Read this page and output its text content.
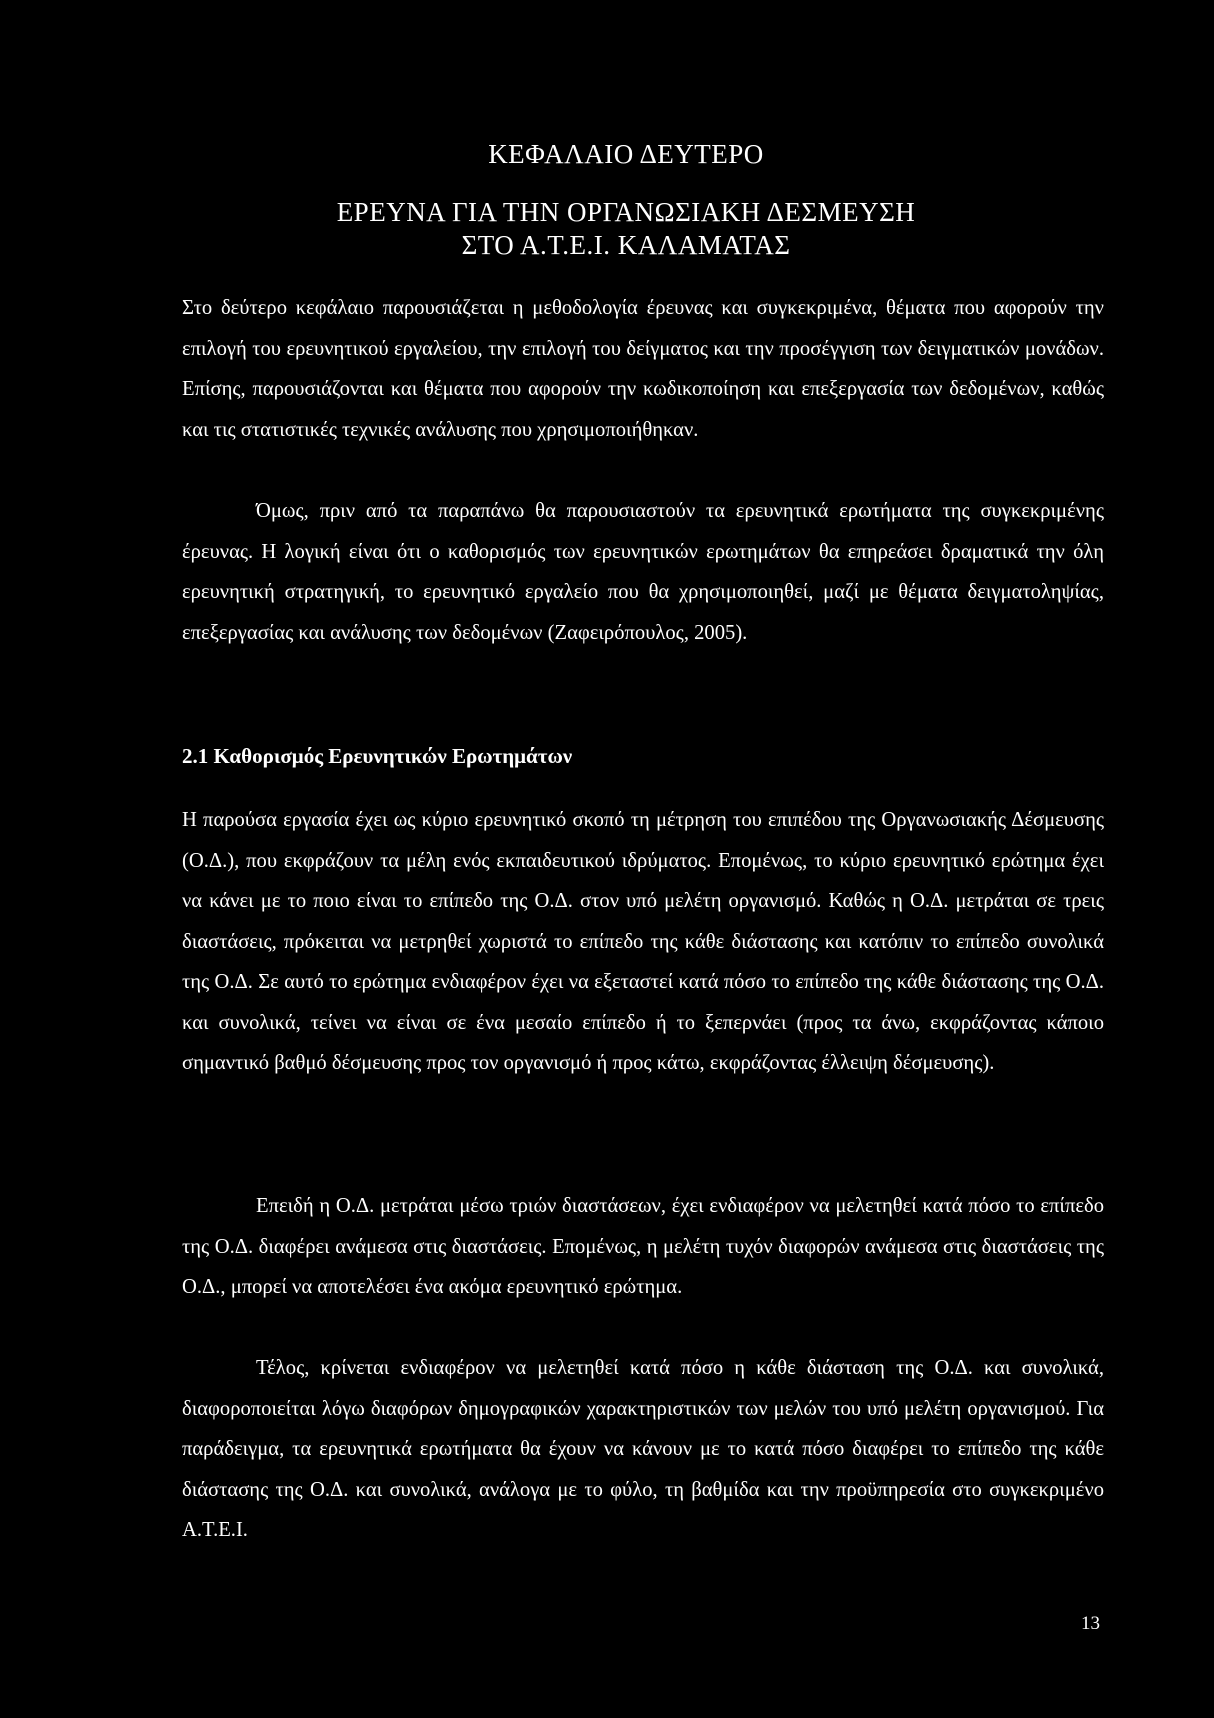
ΚΕΦΑΛΑΙΟ ΔΕΥΤΕΡΟ
ΕΡΕΥΝΑ ΓΙΑ ΤΗΝ ΟΡΓΑΝΩΣΙΑΚΗ ΔΕΣΜΕΥΣΗ
ΣΤΟ Α.Τ.Ε.Ι. ΚΑΛΑΜΑΤΑΣ

Στο δεύτερο κεφάλαιο παρουσιάζεται η μεθοδολογία έρευνας και συγκεκριμένα, θέματα που αφορούν την επιλογή του ερευνητικού εργαλείου, την επιλογή του δείγματος και την προσέγγιση των δειγματικών μονάδων. Επίσης, παρουσιάζονται και θέματα που αφορούν την κωδικοποίηση και επεξεργασία των δεδομένων, καθώς και τις στατιστικές τεχνικές ανάλυσης που χρησιμοποιήθηκαν.

Όμως, πριν από τα παραπάνω θα παρουσιαστούν τα ερευνητικά ερωτήματα της συγκεκριμένης έρευνας. Η λογική είναι ότι ο καθορισμός των ερευνητικών ερωτημάτων θα επηρεάσει δραματικά την όλη ερευνητική στρατηγική, το ερευνητικό εργαλείο που θα χρησιμοποιηθεί, μαζί με θέματα δειγματοληψίας, επεξεργασίας και ανάλυσης των δεδομένων (Ζαφειρόπουλος, 2005).

2.1 Καθορισμός Ερευνητικών Ερωτημάτων

Η παρούσα εργασία έχει ως κύριο ερευνητικό σκοπό τη μέτρηση του επιπέδου της Οργανωσιακής Δέσμευσης (Ο.Δ.), που εκφράζουν τα μέλη ενός εκπαιδευτικού ιδρύματος. Επομένως, το κύριο ερευνητικό ερώτημα έχει να κάνει με το ποιο είναι το επίπεδο της Ο.Δ. στον υπό μελέτη οργανισμό. Καθώς η Ο.Δ. μετράται σε τρεις διαστάσεις, πρόκειται να μετρηθεί χωριστά το επίπεδο της κάθε διάστασης και κατόπιν το επίπεδο συνολικά της Ο.Δ. Σε αυτό το ερώτημα ενδιαφέρον έχει να εξεταστεί κατά πόσο το επίπεδο της κάθε διάστασης της Ο.Δ. και συνολικά, τείνει να είναι σε ένα μεσαίο επίπεδο ή το ξεπερνάει (προς τα άνω, εκφράζοντας κάποιο σημαντικό βαθμό δέσμευσης προς τον οργανισμό ή προς κάτω, εκφράζοντας έλλειψη δέσμευσης).

Επειδή η Ο.Δ. μετράται μέσω τριών διαστάσεων, έχει ενδιαφέρον να μελετηθεί κατά πόσο το επίπεδο της Ο.Δ. διαφέρει ανάμεσα στις διαστάσεις. Επομένως, η μελέτη τυχόν διαφορών ανάμεσα στις διαστάσεις της Ο.Δ., μπορεί να αποτελέσει ένα ακόμα ερευνητικό ερώτημα.

Τέλος, κρίνεται ενδιαφέρον να μελετηθεί κατά πόσο η κάθε διάσταση της Ο.Δ. και συνολικά, διαφοροποιείται λόγω διαφόρων δημογραφικών χαρακτηριστικών των μελών του υπό μελέτη οργανισμού. Για παράδειγμα, τα ερευνητικά ερωτήματα θα έχουν να κάνουν με το κατά πόσο διαφέρει το επίπεδο της κάθε διάστασης της Ο.Δ. και συνολικά, ανάλογα με το φύλο, τη βαθμίδα και την προϋπηρεσία στο συγκεκριμένο Α.Τ.Ε.Ι.

13
